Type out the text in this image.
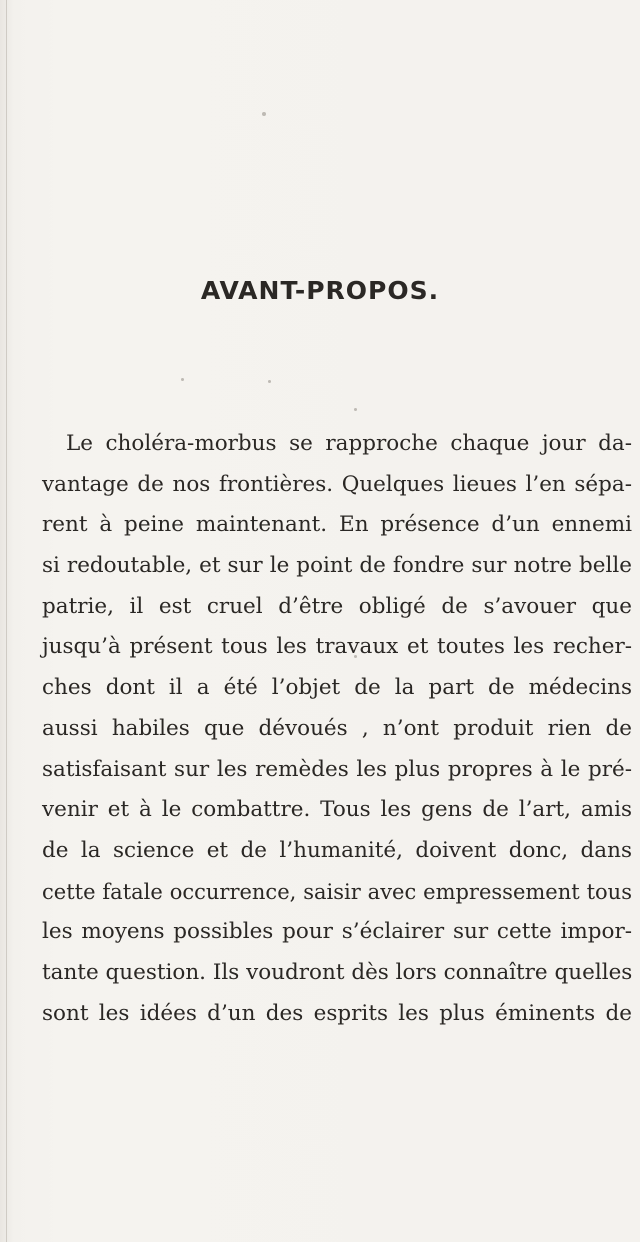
AVANT-PROPOS.

Le choléra-morbus se rapproche chaque jour da-
vantage de nos frontières. Quelques lieues l’en sépa-
rent à peine maintenant. En présence d’un ennemi
si redoutable, et sur le point de fondre sur notre belle
patrie, il est cruel d’être obligé de s’avouer que
jusqu’à présent tous les travaux et toutes les recher-
ches dont il a été l’objet de la part de médecins
aussi habiles que dévoués , n’ont produit rien de
satisfaisant sur les remèdes les plus propres à le pré-
venir et à le combattre. Tous les gens de l’art, amis
de la science et de l’humanité, doivent donc, dans
cette fatale occurrence, saisir avec empressement tous
les moyens possibles pour s’éclairer sur cette impor-
tante question. Ils voudront dès lors connaître quelles
sont les idées d’un des esprits les plus éminents de
